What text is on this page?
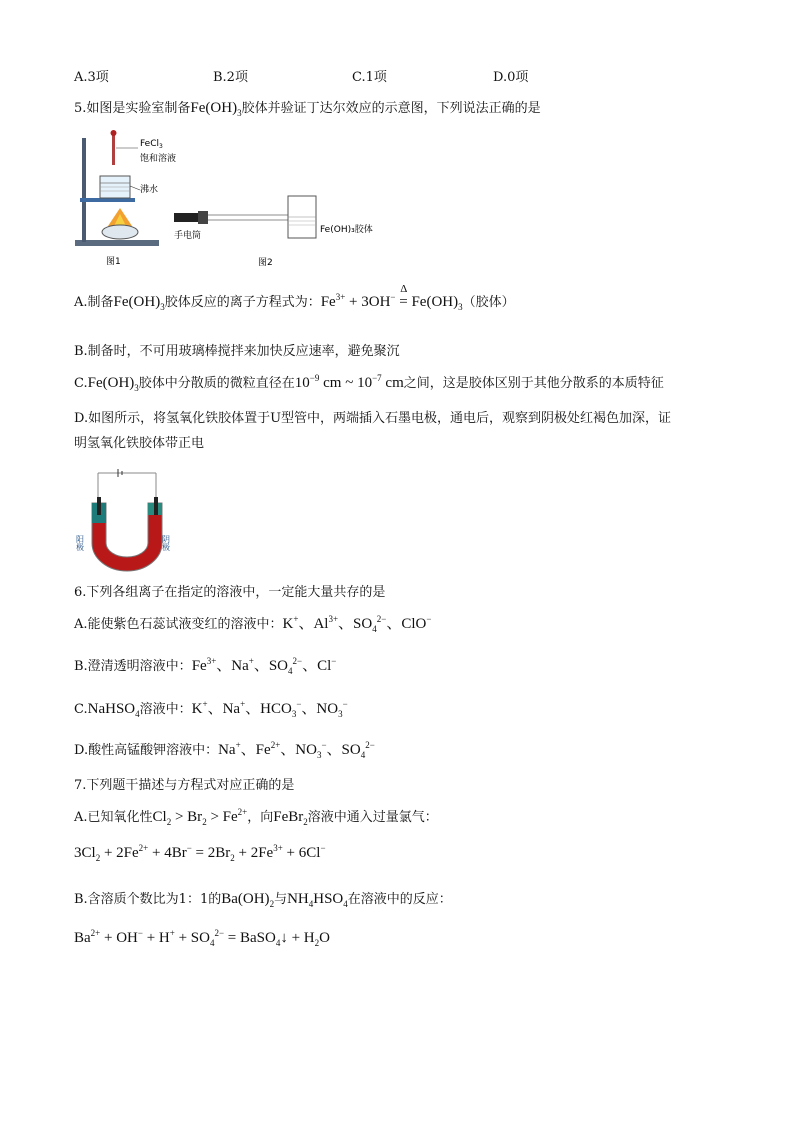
A.3项	B.2项	C.1项	D.0项
5.如图是实验室制备$Fe(OH)_3$胶体并验证丁达尔效应的示意图，下列说法正确的是
FeCl$_3$
饱和溶液
沸水
图1
手电筒
Fe(OH)₃胶体
图2
A.制备$Fe(OH)_3$胶体反应的离子方程式为：$Fe^{3+} + 3OH^-$ =
Δ
$Fe(OH)_3$（胶体）
B.制备时，不可用玻璃棒搅拌来加快反应速率，避免聚沉
$C.Fe(OH)_3$胶体中分散质的微粒直径在$10^{-9}$ cm ~ $10^{-7}$ cm之间，这是胶体区别于其他分散系的本质特征
D.如图所示，将氢氧化铁胶体置于U型管中，两端插入石墨电极，通电后，观察到阴极处红褐色加深，证
明氢氧化铁胶体带正电
阳极	阴极
6.下列各组离子在指定的溶液中，一定能大量共存的是
A.能使紫色石蕊试液变红的溶液中：K+、$Al^{3+}$、$SO_4^{2-}$、ClO−
B.澄清透明溶液中：$Fe^{3+}$、Na+、$SO_4^{2-}$、Cl−
C.NaHSO$_4$溶液中：K+、Na+、$HCO_3^-$、$NO_3^-$
D.酸性高锰酸钾溶液中：Na+、$Fe^{2+}$、$NO_3^-$、$SO_4^{2-}$
7.下列题干描述与方程式对应正确的是
A.已知氧化性$Cl_2 > Br_2 > Fe^{2+}$，向FeBr$_2$溶液中通入过量氯气：
$3Cl_2 + 2Fe^{2+} + 4Br^- = 2Br_2 + 2Fe^{3+} + 6Cl^-$
B.含溶质个数比为1：1的$Ba(OH)_2$与$NH_4HSO_4$在溶液中的反应：
$Ba^{2+} + OH^- + H^+ + SO_4^{2-}$ = BaSO$_4$↓ + $H_2O$
